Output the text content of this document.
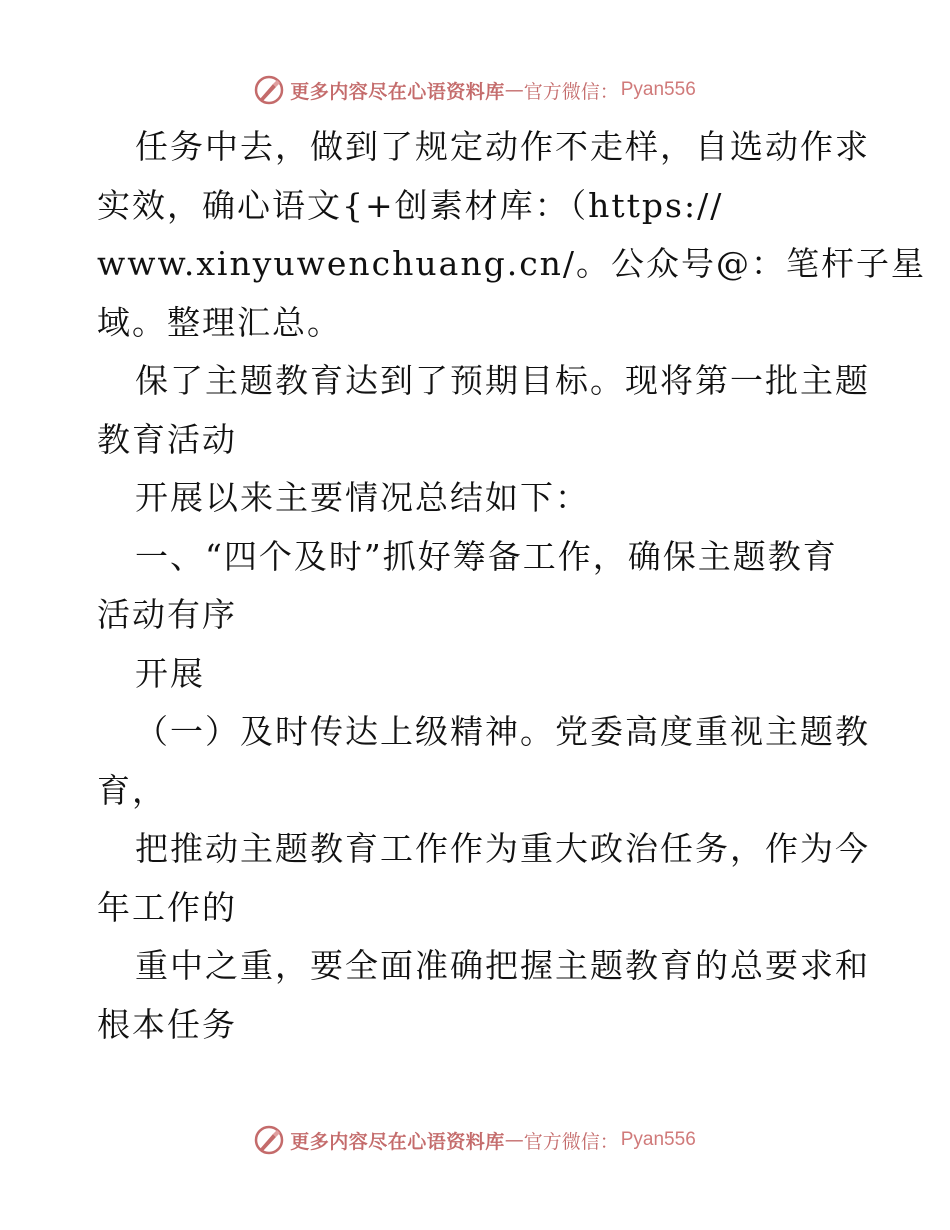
更多内容尽在心语资料库 — 官方微信： Pyan556
任务中去，做到了规定动作不走样，自选动作求
实效，确心语文{+创素材库：（https://
www.xinyuwenchuang.cn/。公众号@：笔杆子星
域。整理汇总。
保了主题教育达到了预期目标。现将第一批主题
教育活动
开展以来主要情况总结如下：
一、“四个及时”抓好筹备工作，确保主题教育
活动有序
开展
（一）及时传达上级精神。党委高度重视主题教
育，
把推动主题教育工作作为重大政治任务，作为今
年工作的
重中之重，要全面准确把握主题教育的总要求和
根本任务
更多内容尽在心语资料库 — 官方微信： Pyan556
